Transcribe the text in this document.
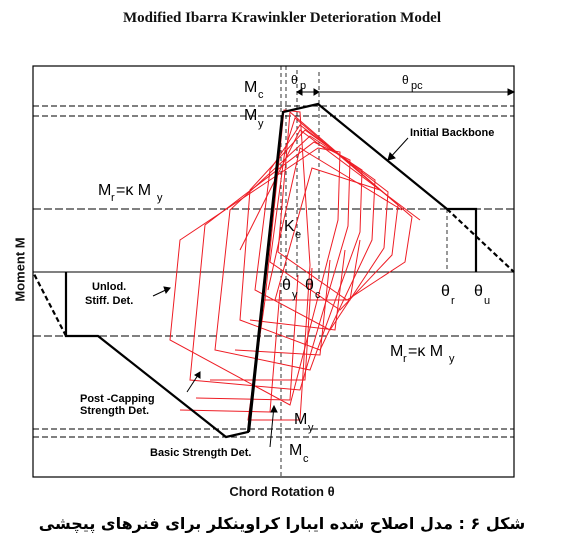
Modified Ibarra Krawinkler Deterioration Model
M c
M y
θ p	θ pc
Initial Backbone
M r =κ M y
K e
θ
y
θ
c	θ
r
θ
u
Unlod.
Stiff. Det.
M r =κ M y
Post -Capping
Strength Det.	M y
Basic Strength Det. M c
Moment M
Chord Rotation θ
شکل ۶ : مدل اصلاح شده ایبارا کراوینکلر برای فنرهای پیچشی
